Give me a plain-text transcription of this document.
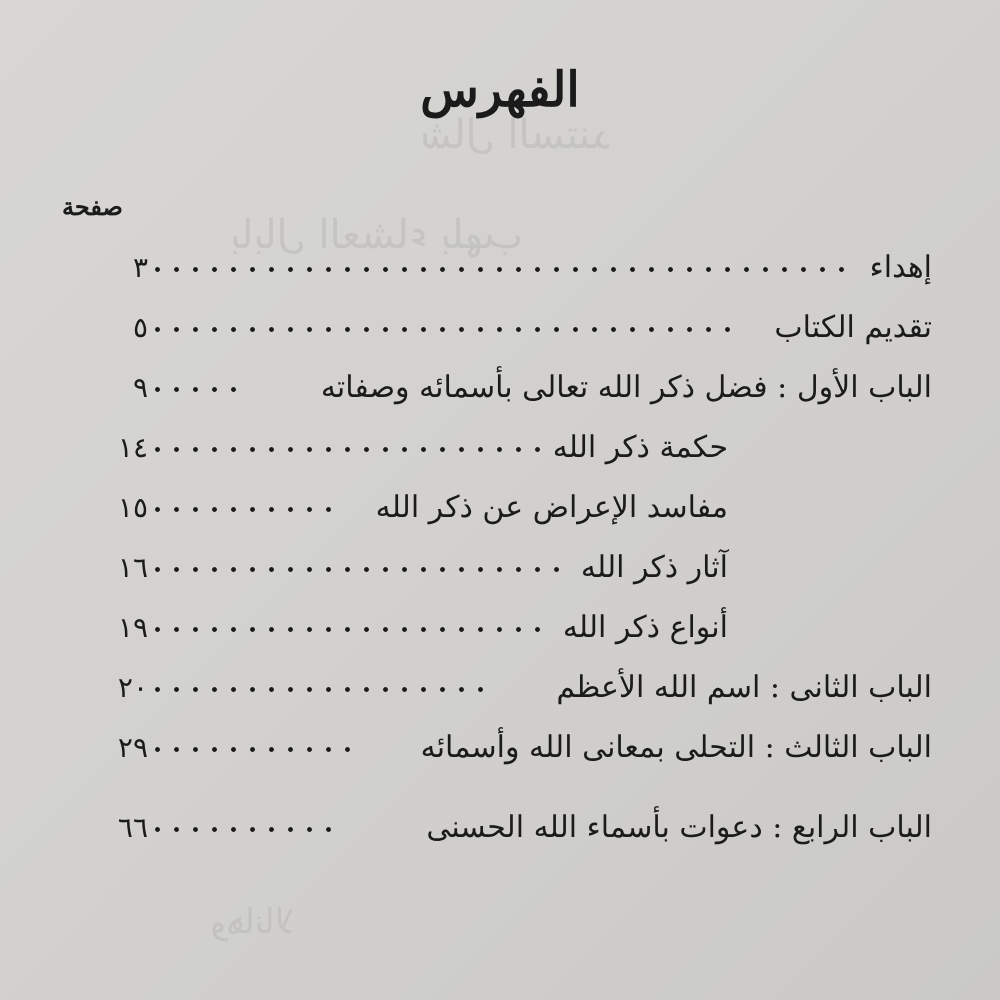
ﺷﺎﻝ ﺍﻟﺴﺘﻨﺪ
ﺑﺎﺑﺎﻝ ﺍﻟﻌﺸﺎﺀ ﺑﻠﻬﺐ
ﻭﻫﺎﻧﺎﻻ
الفهرس
صفحة
إهداء
٣
تقديم الكتاب
٥
الباب الأول : فضل ذكر الله تعالى بأسمائه وصفاته
٩
حكمة ذكر الله
١٤
مفاسد الإعراض عن ذكر الله
١٥
آثار ذكر الله
١٦
أنواع ذكر الله
١٩
الباب الثانى : اسم الله الأعظم
٢٠
الباب الثالث : التحلى بمعانى الله وأسمائه
٢٩
الباب الرابع : دعوات بأسماء الله الحسنى
٦٦
